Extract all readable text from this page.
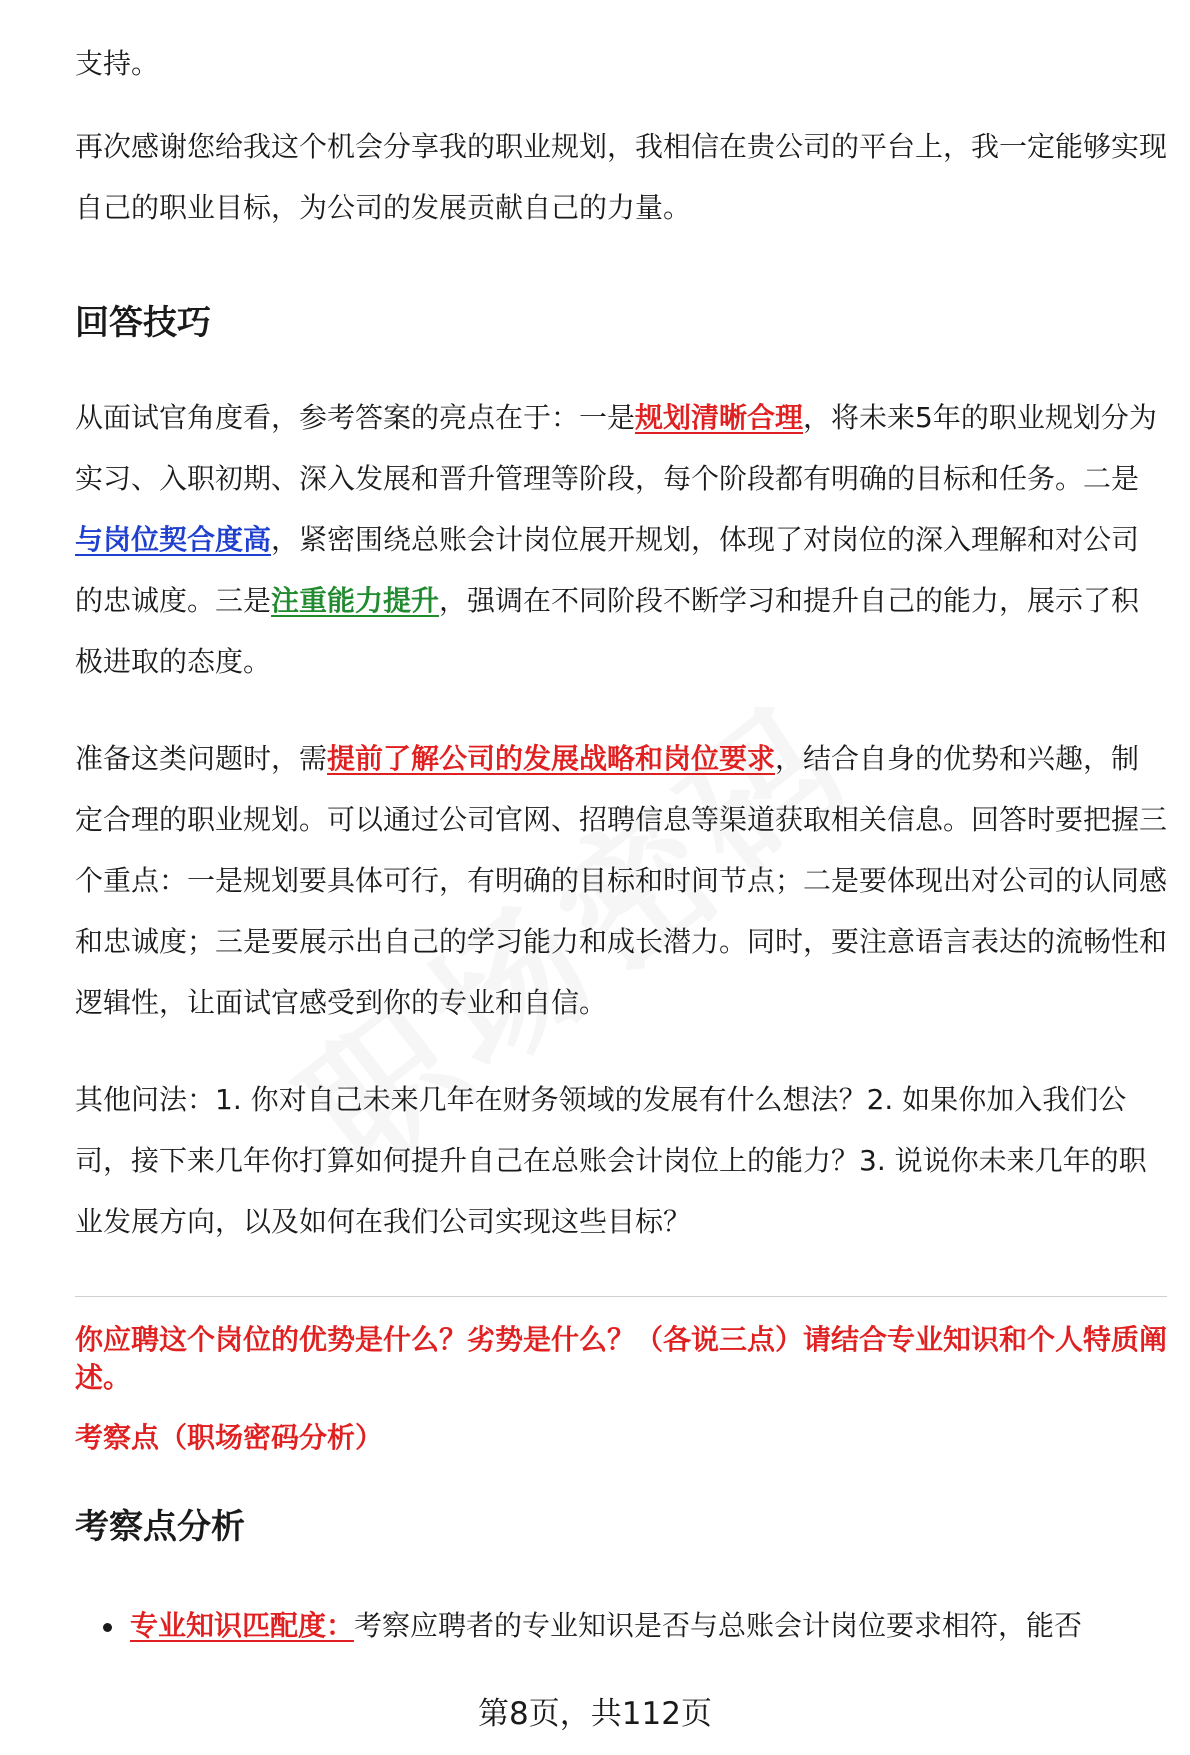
支持。

再次感谢您给我这个机会分享我的职业规划，我相信在贵公司的平台上，我一定能够实现自己的职业目标，为公司的发展贡献自己的力量。

回答技巧

从面试官角度看，参考答案的亮点在于：一是规划清晰合理，将未来5年的职业规划分为实习、入职初期、深入发展和晋升管理等阶段，每个阶段都有明确的目标和任务。二是与岗位契合度高，紧密围绕总账会计岗位展开规划，体现了对岗位的深入理解和对公司的忠诚度。三是注重能力提升，强调在不同阶段不断学习和提升自己的能力，展示了积极进取的态度。

准备这类问题时，需提前了解公司的发展战略和岗位要求，结合自身的优势和兴趣，制定合理的职业规划。可以通过公司官网、招聘信息等渠道获取相关信息。回答时要把握三个重点：一是规划要具体可行，有明确的目标和时间节点；二是要体现出对公司的认同感和忠诚度；三是要展示出自己的学习能力和成长潜力。同时，要注意语言表达的流畅性和逻辑性，让面试官感受到你的专业和自信。

其他问法：1. 你对自己未来几年在财务领域的发展有什么想法？2. 如果你加入我们公司，接下来几年你打算如何提升自己在总账会计岗位上的能力？3. 说说你未来几年的职业发展方向，以及如何在我们公司实现这些目标？

你应聘这个岗位的优势是什么？劣势是什么？（各说三点）请结合专业知识和个人特质阐述。

考察点（职场密码分析）

考察点分析
专业知识匹配度：考察应聘者的专业知识是否与总账会计岗位要求相符，能否
第8页，共112页
